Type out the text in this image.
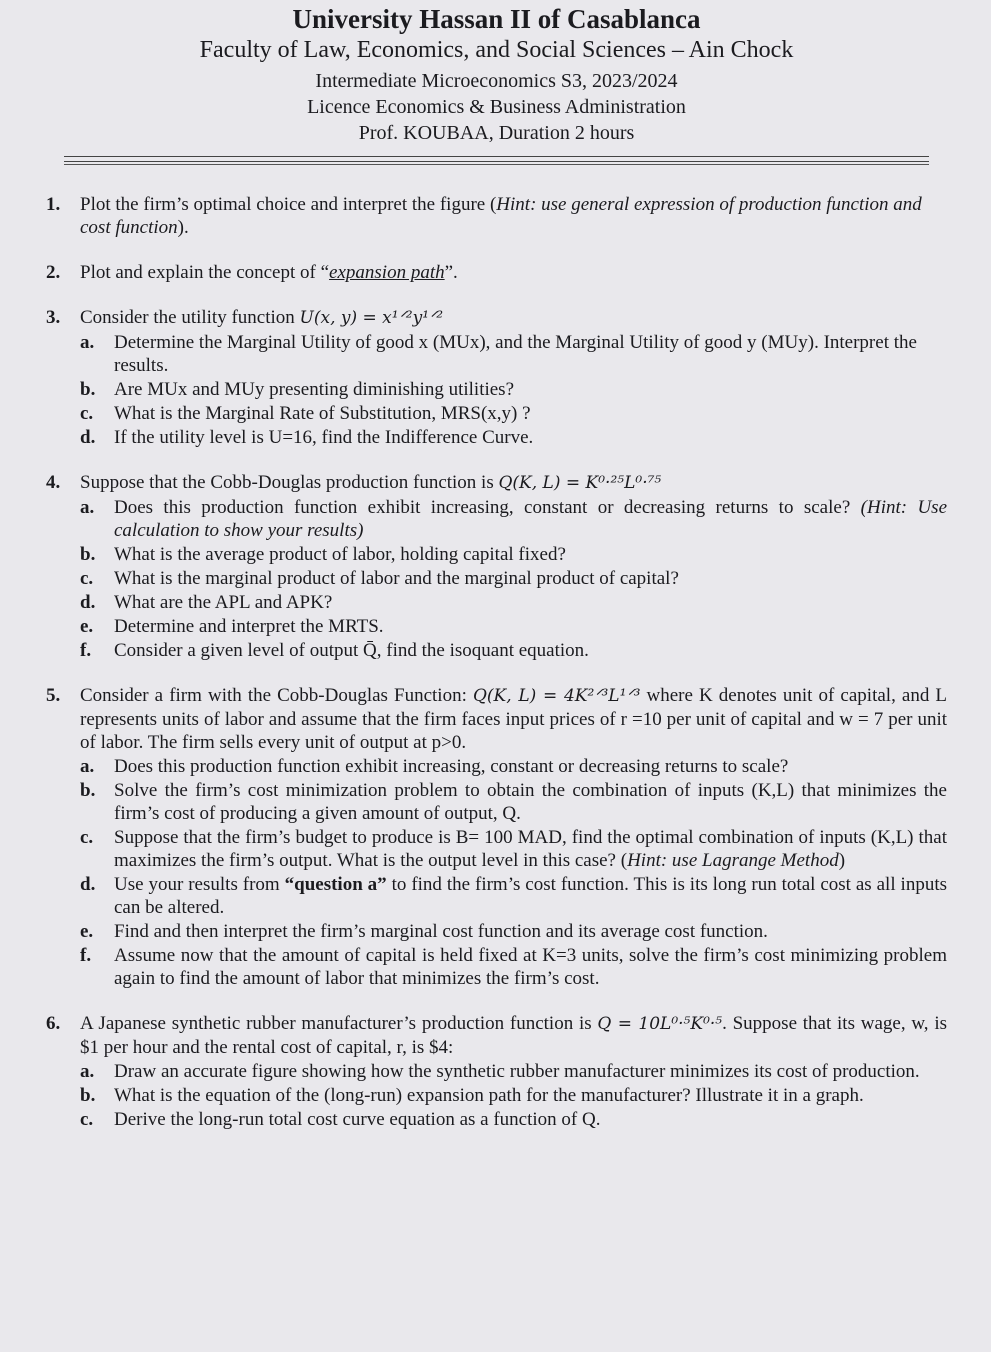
University Hassan II of Casablanca
Faculty of Law, Economics, and Social Sciences – Ain Chock
Intermediate Microeconomics S3, 2023/2024
Licence Economics & Business Administration
Prof. KOUBAA, Duration 2 hours
1.	Plot the firm’s optimal choice and interpret the figure (Hint: use general expression of production function and cost function).
2.	Plot and explain the concept of “expansion path”.
3.	Consider the utility function U(x, y) = x¹ᐟ²y¹ᐟ²
a.	Determine the Marginal Utility of good x (MUx), and the Marginal Utility of good y (MUy). Interpret the results.
b. Are MUx and MUy presenting diminishing utilities?
c.	What is the Marginal Rate of Substitution, MRS(x,y) ?
d. If the utility level is U=16, find the Indifference Curve.
4.	Suppose that the Cobb-Douglas production function is Q(K, L) = K⁰·²⁵L⁰·⁷⁵
a.	Does this production function exhibit increasing, constant or decreasing returns to scale? (Hint: Use calculation to show your results)
b. What is the average product of labor, holding capital fixed?
c.	What is the marginal product of labor and the marginal product of capital?
d. What are the APL and APK?
e.	Determine and interpret the MRTS.
f.	Consider a given level of output Q̄, find the isoquant equation.
5.	Consider a firm with the Cobb-Douglas Function: Q(K, L) = 4K²ᐟ³L¹ᐟ³ where K denotes unit of capital, and L represents units of labor and assume that the firm faces input prices of r =10 per unit of capital and w = 7 per unit of labor. The firm sells every unit of output at p>0.
a.	Does this production function exhibit increasing, constant or decreasing returns to scale?
b. Solve the firm’s cost minimization problem to obtain the combination of inputs (K,L) that minimizes the firm’s cost of producing a given amount of output, Q.
c.	Suppose that the firm’s budget to produce is B= 100 MAD, find the optimal combination of inputs (K,L) that maximizes the firm’s output. What is the output level in this case? (Hint: use Lagrange Method)
d. Use your results from “question a” to find the firm’s cost function. This is its long run total cost as all inputs can be altered.
e.	Find and then interpret the firm’s marginal cost function and its average cost function.
f.	Assume now that the amount of capital is held fixed at K=3 units, solve the firm’s cost minimizing problem again to find the amount of labor that minimizes the firm’s cost.
6.	A Japanese synthetic rubber manufacturer’s production function is Q = 10L⁰·⁵K⁰·⁵. Suppose that its wage, w, is $1 per hour and the rental cost of capital, r, is $4:
a.	Draw an accurate figure showing how the synthetic rubber manufacturer minimizes its cost of production.
b. What is the equation of the (long-run) expansion path for the manufacturer? Illustrate it in a graph.
c.	Derive the long-run total cost curve equation as a function of Q.
